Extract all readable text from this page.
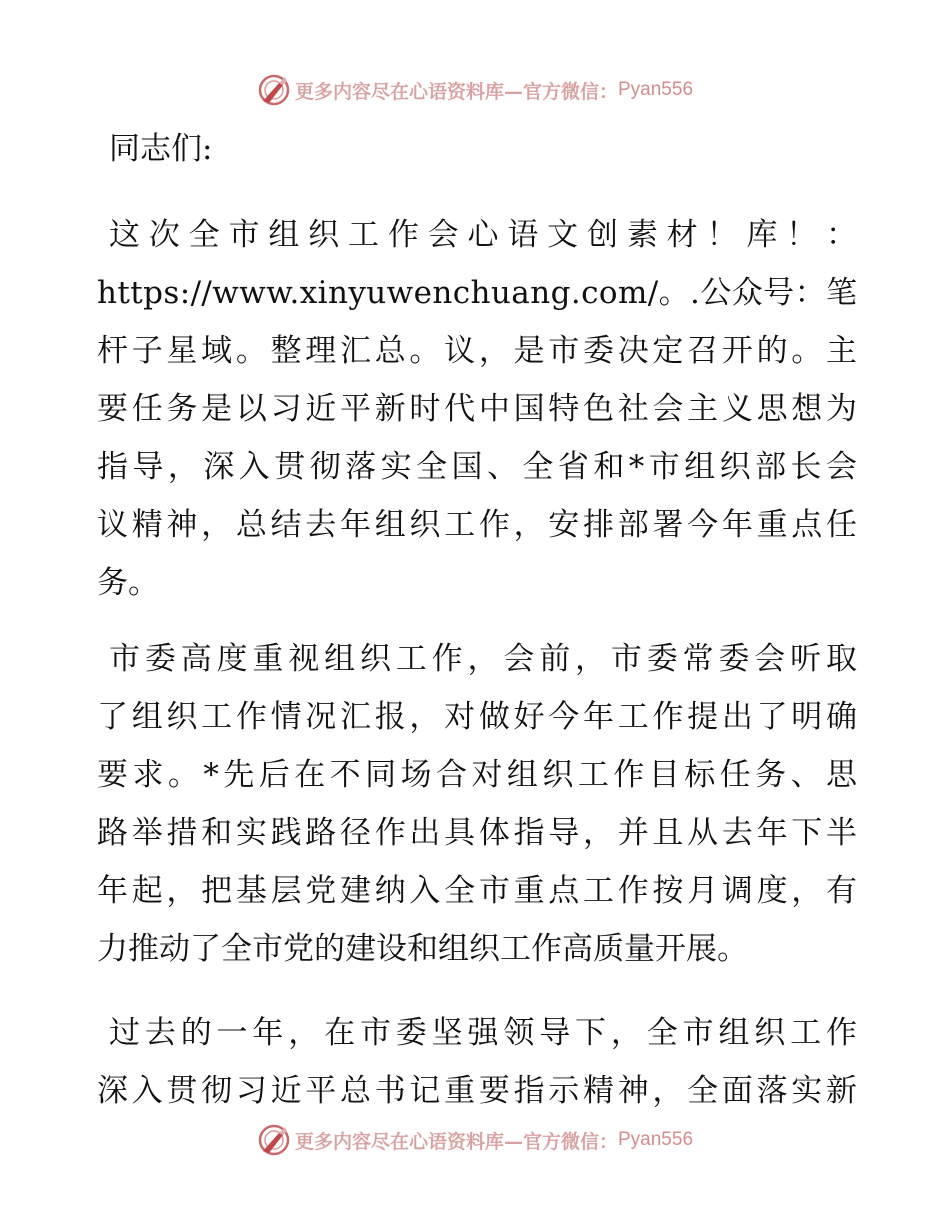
更多内容尽在心语资料库—官方微信： Pyan556

同志们:

这次全市组织工作会心语文创素材！库！：
https://www.xinyuwenchuang.com/。.公众号：笔
杆子星域。整理汇总。议，是市委决定召开的。主
要任务是以习近平新时代中国特色社会主义思想为
指导，深入贯彻落实全国、全省和*市组织部长会
议精神，总结去年组织工作，安排部署今年重点任
务。
市委高度重视组织工作，会前，市委常委会听取
了组织工作情况汇报，对做好今年工作提出了明确
要求。*先后在不同场合对组织工作目标任务、思
路举措和实践路径作出具体指导，并且从去年下半
年起，把基层党建纳入全市重点工作按月调度，有
力推动了全市党的建设和组织工作高质量开展。
过去的一年，在市委坚强领导下，全市组织工作
深入贯彻习近平总书记重要指示精神，全面落实新
更多内容尽在心语资料库—官方微信： Pyan556
